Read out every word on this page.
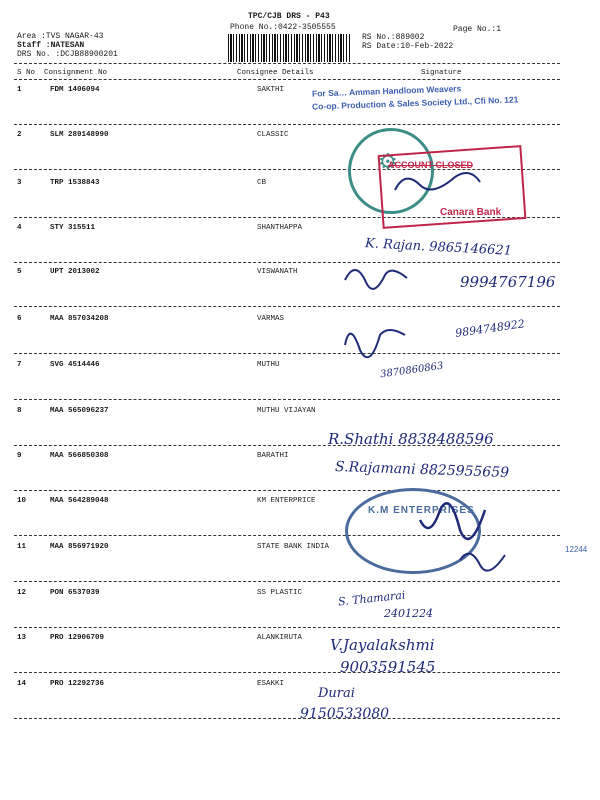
TPC/CJB DRS - P43
Phone No.:0422-3505555	Page No.:1
Area :TVS NAGAR-43
Staff :NATESAN
DRS No. :DCJB88900201
RS No.:889002
RS Date:10-Feb-2022
S No Consignment No	Consignee Details	Signature
1	FDM 1406094	SAKTHI
2	SLM 289148990	CLASSIC
3	TRP 1538843	CB
4	STY 315511	SHANTHAPPA
5	UPT 2013002	VISWANATH
6	MAA 857034208	VARMAS
7	SVG 4514446	MUTHU
8	MAA 565096237	MUTHU VIJAYAN
9	MAA 566850308	BARATHI
10	MAA 564289048	KM ENTERPRICE
11	MAA 856971920	STATE BANK INDIA
12	PON 6537039	SS PLASTIC
13	PRO 12906709	ALANKIRUTA
14	PRO 12292736	ESAKKI
For Sa… Amman Handloom Weavers
Co-op. Production & Sales Society Ltd., Cfi No. 121
⚙
ACCOUNT CLOSED
Canara Bank
K.M ENTERPRISES
12244
K. Rajan. 9865146621
9994767196
9894748922
3870860863
R.Shathi 8838488596
S.Rajamani 8825955659
S. Thamarai
2401224
V.Jayalakshmi
9003591545
Durai
9150533080
